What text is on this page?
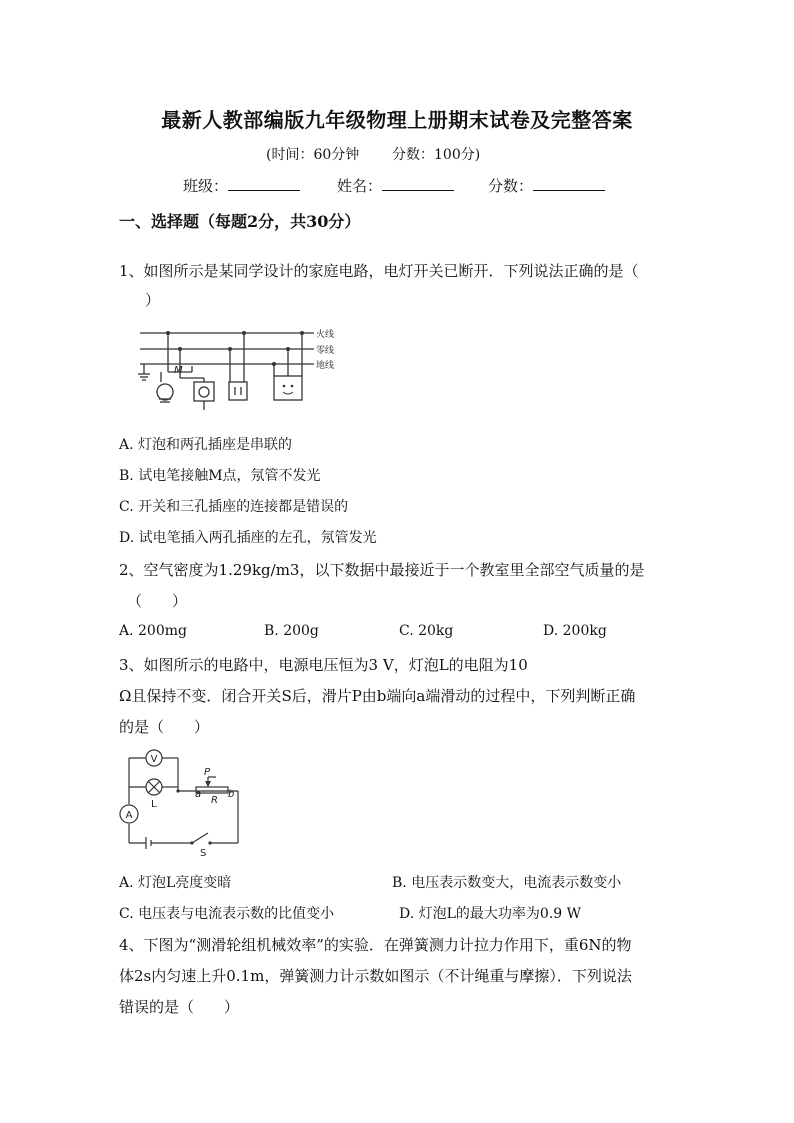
最新人教部编版九年级物理上册期末试卷及完整答案
(时间：60分钟 分数：100分)
班级：	姓名：	分数：
一、选择题（每题2分，共30分）
1、如图所示是某同学设计的家庭电路，电灯开关已断开．下列说法正确的是（
）
火线
零线
地线
M
A. 灯泡和两孔插座是串联的
B. 试电笔接触M点，氖管不发光
C. 开关和三孔插座的连接都是错误的
D. 试电笔插入两孔插座的左孔，氖管发光
2、空气密度为1.29kg/m3，以下数据中最接近于一个教室里全部空气质量的是
（　　）
A. 200mg	B. 200g	C. 20kg	D. 200kg
3、如图所示的电路中，电源电压恒为3 V，灯泡L的电阻为10
Ω且保持不变．闭合开关S后，滑片P由b端向a端滑动的过程中，下列判断正确
的是（　　）
V
A
L
P
R
a	b
S
A. 灯泡L亮度变暗	B. 电压表示数变大，电流表示数变小
C. 电压表与电流表示数的比值变小	D. 灯泡L的最大功率为0.9 W
4、下图为“测滑轮组机械效率”的实验．在弹簧测力计拉力作用下，重6N的物
体2s内匀速上升0.1m，弹簧测力计示数如图示（不计绳重与摩擦）．下列说法
错误的是（　　）
